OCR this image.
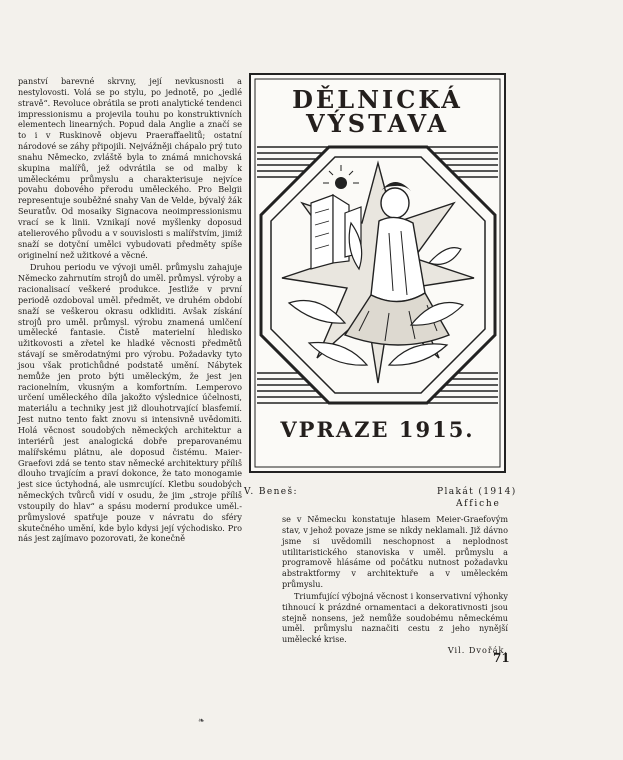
panství barevné skrvny, její nevkusnosti a nestylovosti. Volá se po stylu, po jednotě, po „jedlé stravě“. Revoluce obrátila se proti analytické tendenci impressionismu a projevila touhu po konstruktivních elementech linearných. Popud dala Anglie a značí se to i v Ruskinově objevu Praeraffaelitů; ostatní národové se záhy připojili. Nejvážněji chápalo prý tuto snahu Německo, zvláště byla to známá mnichovská skupina malířů, jež odvrátila se od malby k uměleckému průmyslu a charakterisuje nejvíce povahu dobového přerodu uměleckého. Pro Belgii representuje souběžné snahy Van de Velde, bývalý žák Seuratův. Od mosaiky Signacova neoimpressionismu vrací se k linii. Vznikají nové myšlenky doposud atelierového původu a v souvislosti s malířstvím, jimiž snaží se dotyční umělci vybudovati předměty spíše originelní než užitkové a věcné.

Druhou periodu ve vývoji uměl. průmyslu zahajuje Německo zahrnutím strojů do uměl. průmysl. výroby a racionalisací veškeré produkce. Jestliže v první periodě ozdoboval uměl. předmět, ve druhém období snaží se veškerou okrasu odkliditi. Avšak získání strojů pro uměl. průmysl. výrobu znamená umlčení umělecké fantasie. Čistě materielní hledisko užitkovosti a zřetel ke hladké věcnosti předmětů stávají se směrodatnými pro výrobu. Požadavky tyto jsou však protichůdné podstatě umění. Nábytek nemůže jen proto býti uměleckým, že jest jen racionelním, vkusným a komfortním. Lemperovo určení uměleckého díla jakožto výslednice účelnosti, materiálu a techniky jest již dlouhotrvající blasfemií. Jest nutno tento fakt znovu si intensivně uvědomiti. Holá věcnost soudobých německých architektur a interiérů jest analogická dobře preparovanému malířskému plátnu, ale doposud čistému. Maier-Graefovi zdá se tento stav německé architektury příliš dlouho trvajícím a praví dokonce, že tato monogamie jest sice úctyhodná, ale usmrcující. Kletbu soudobých německých tvůrců vidí v osudu, že jim „stroje příliš vstoupily do hlav“ a spásu moderní produkce uměl.-průmyslové spatřuje pouze v návratu do sféry skutečného umění, kde bylo kdysi její východisko. Pro nás jest zajímavo pozorovati, že konečně

DĚLNICKÁ
VÝSTAVA
VPRAZE 1915.
V. Beneš:	Plakát (1914)
Affiche

se v Německu konstatuje hlasem Meier-Graefovým stav, v jehož povaze jsme se nikdy neklamali. Již dávno jsme si uvědomili neschopnost a neplodnost utilitaristického stanoviska v uměl. průmyslu a programově hlásáme od počátku nutnost požadavku abstraktformy v architektuře a v uměleckém průmyslu.

Triumfující výbojná věcnost i konservativní výhonky tihnoucí k prázdné ornamentaci a dekorativnosti jsou stejně nonsens, jež nemůže soudobému německému uměl. průmyslu naznačiti cestu z jeho nynější umělecké krise.

Vil. Dvořák.
71
❧
